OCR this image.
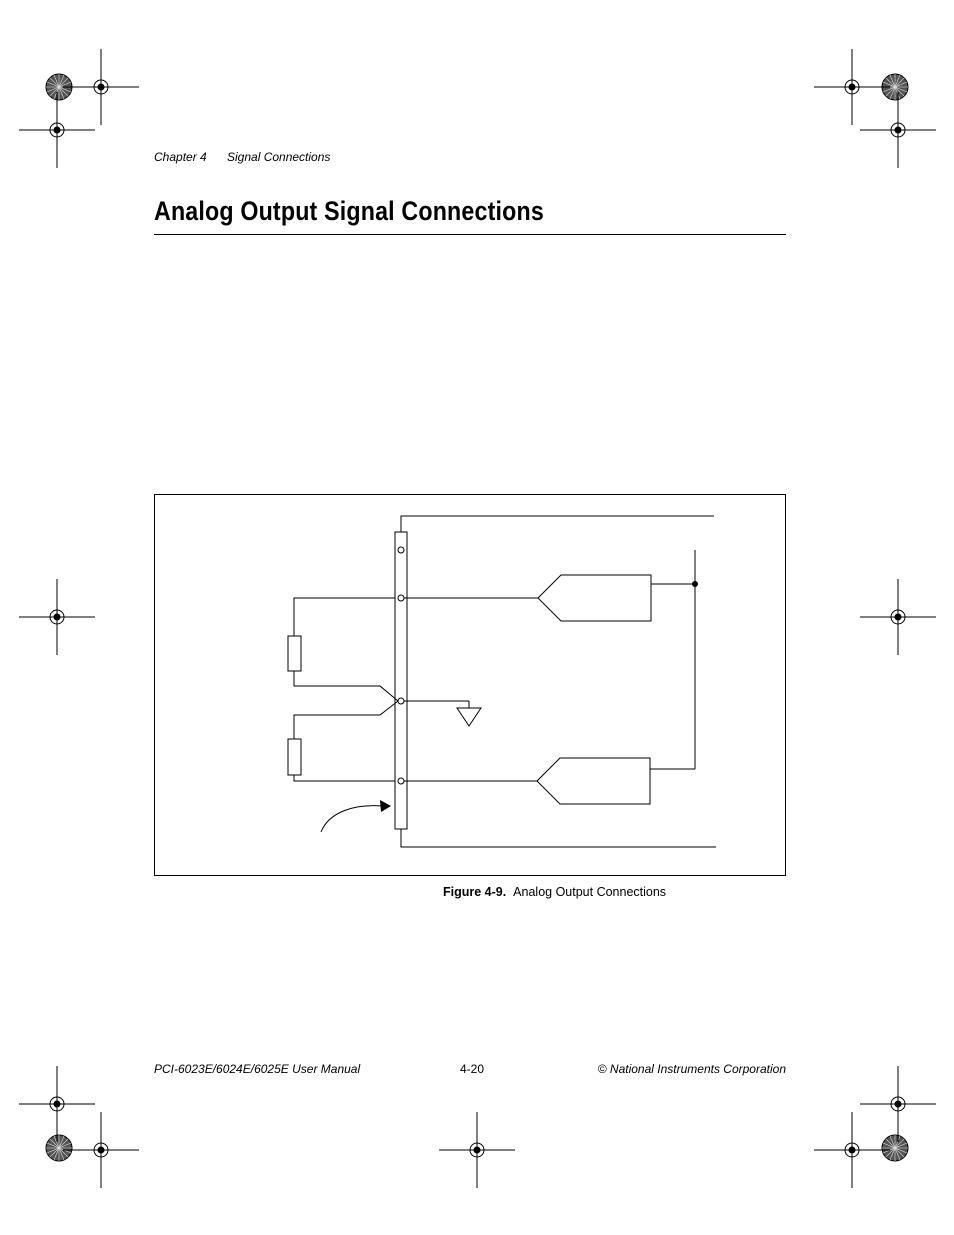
Chapter 4 Signal Connections
Analog Output Signal Connections
Figure 4-9. Analog Output Connections
PCI-6023E/6024E/6025E User Manual	4-20	© National Instruments Corporation
